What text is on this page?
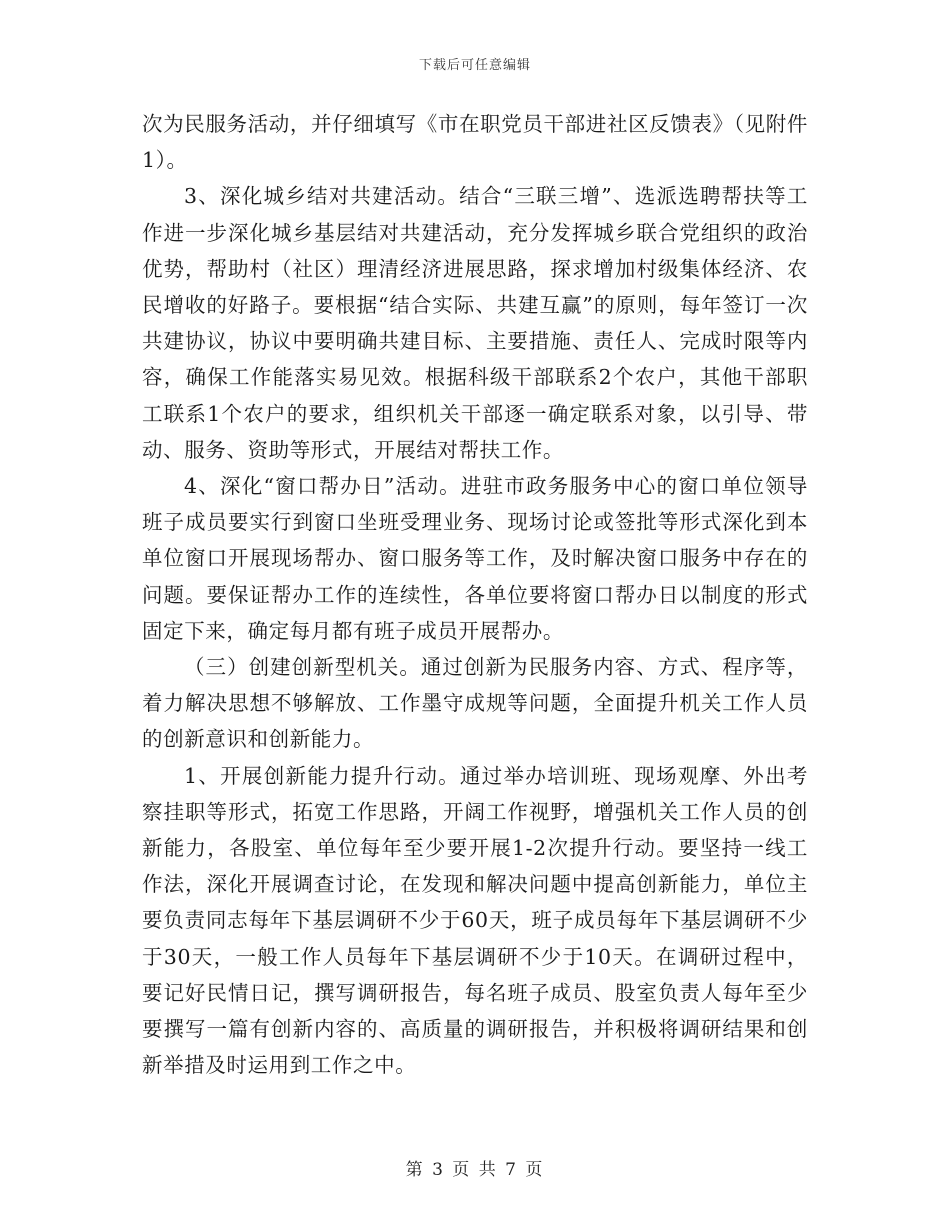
下载后可任意编辑

次为民服务活动，并仔细填写《市在职党员干部进社区反馈表》（见附件1）。

3、深化城乡结对共建活动。结合“三联三增”、选派选聘帮扶等工作进一步深化城乡基层结对共建活动，充分发挥城乡联合党组织的政治优势，帮助村（社区）理清经济进展思路，探求增加村级集体经济、农民增收的好路子。要根据“结合实际、共建互赢”的原则，每年签订一次共建协议，协议中要明确共建目标、主要措施、责任人、完成时限等内容，确保工作能落实易见效。根据科级干部联系2个农户，其他干部职工联系1个农户的要求，组织机关干部逐一确定联系对象，以引导、带动、服务、资助等形式，开展结对帮扶工作。

4、深化“窗口帮办日”活动。进驻市政务服务中心的窗口单位领导班子成员要实行到窗口坐班受理业务、现场讨论或签批等形式深化到本单位窗口开展现场帮办、窗口服务等工作，及时解决窗口服务中存在的问题。要保证帮办工作的连续性，各单位要将窗口帮办日以制度的形式固定下来，确定每月都有班子成员开展帮办。

（三）创建创新型机关。通过创新为民服务内容、方式、程序等，着力解决思想不够解放、工作墨守成规等问题，全面提升机关工作人员的创新意识和创新能力。

1、开展创新能力提升行动。通过举办培训班、现场观摩、外出考察挂职等形式，拓宽工作思路，开阔工作视野，增强机关工作人员的创新能力，各股室、单位每年至少要开展1-2次提升行动。要坚持一线工作法，深化开展调查讨论，在发现和解决问题中提高创新能力，单位主要负责同志每年下基层调研不少于60天，班子成员每年下基层调研不少于30天，一般工作人员每年下基层调研不少于10天。在调研过程中，要记好民情日记，撰写调研报告，每名班子成员、股室负责人每年至少要撰写一篇有创新内容的、高质量的调研报告，并积极将调研结果和创新举措及时运用到工作之中。

第 3 页 共 7 页
